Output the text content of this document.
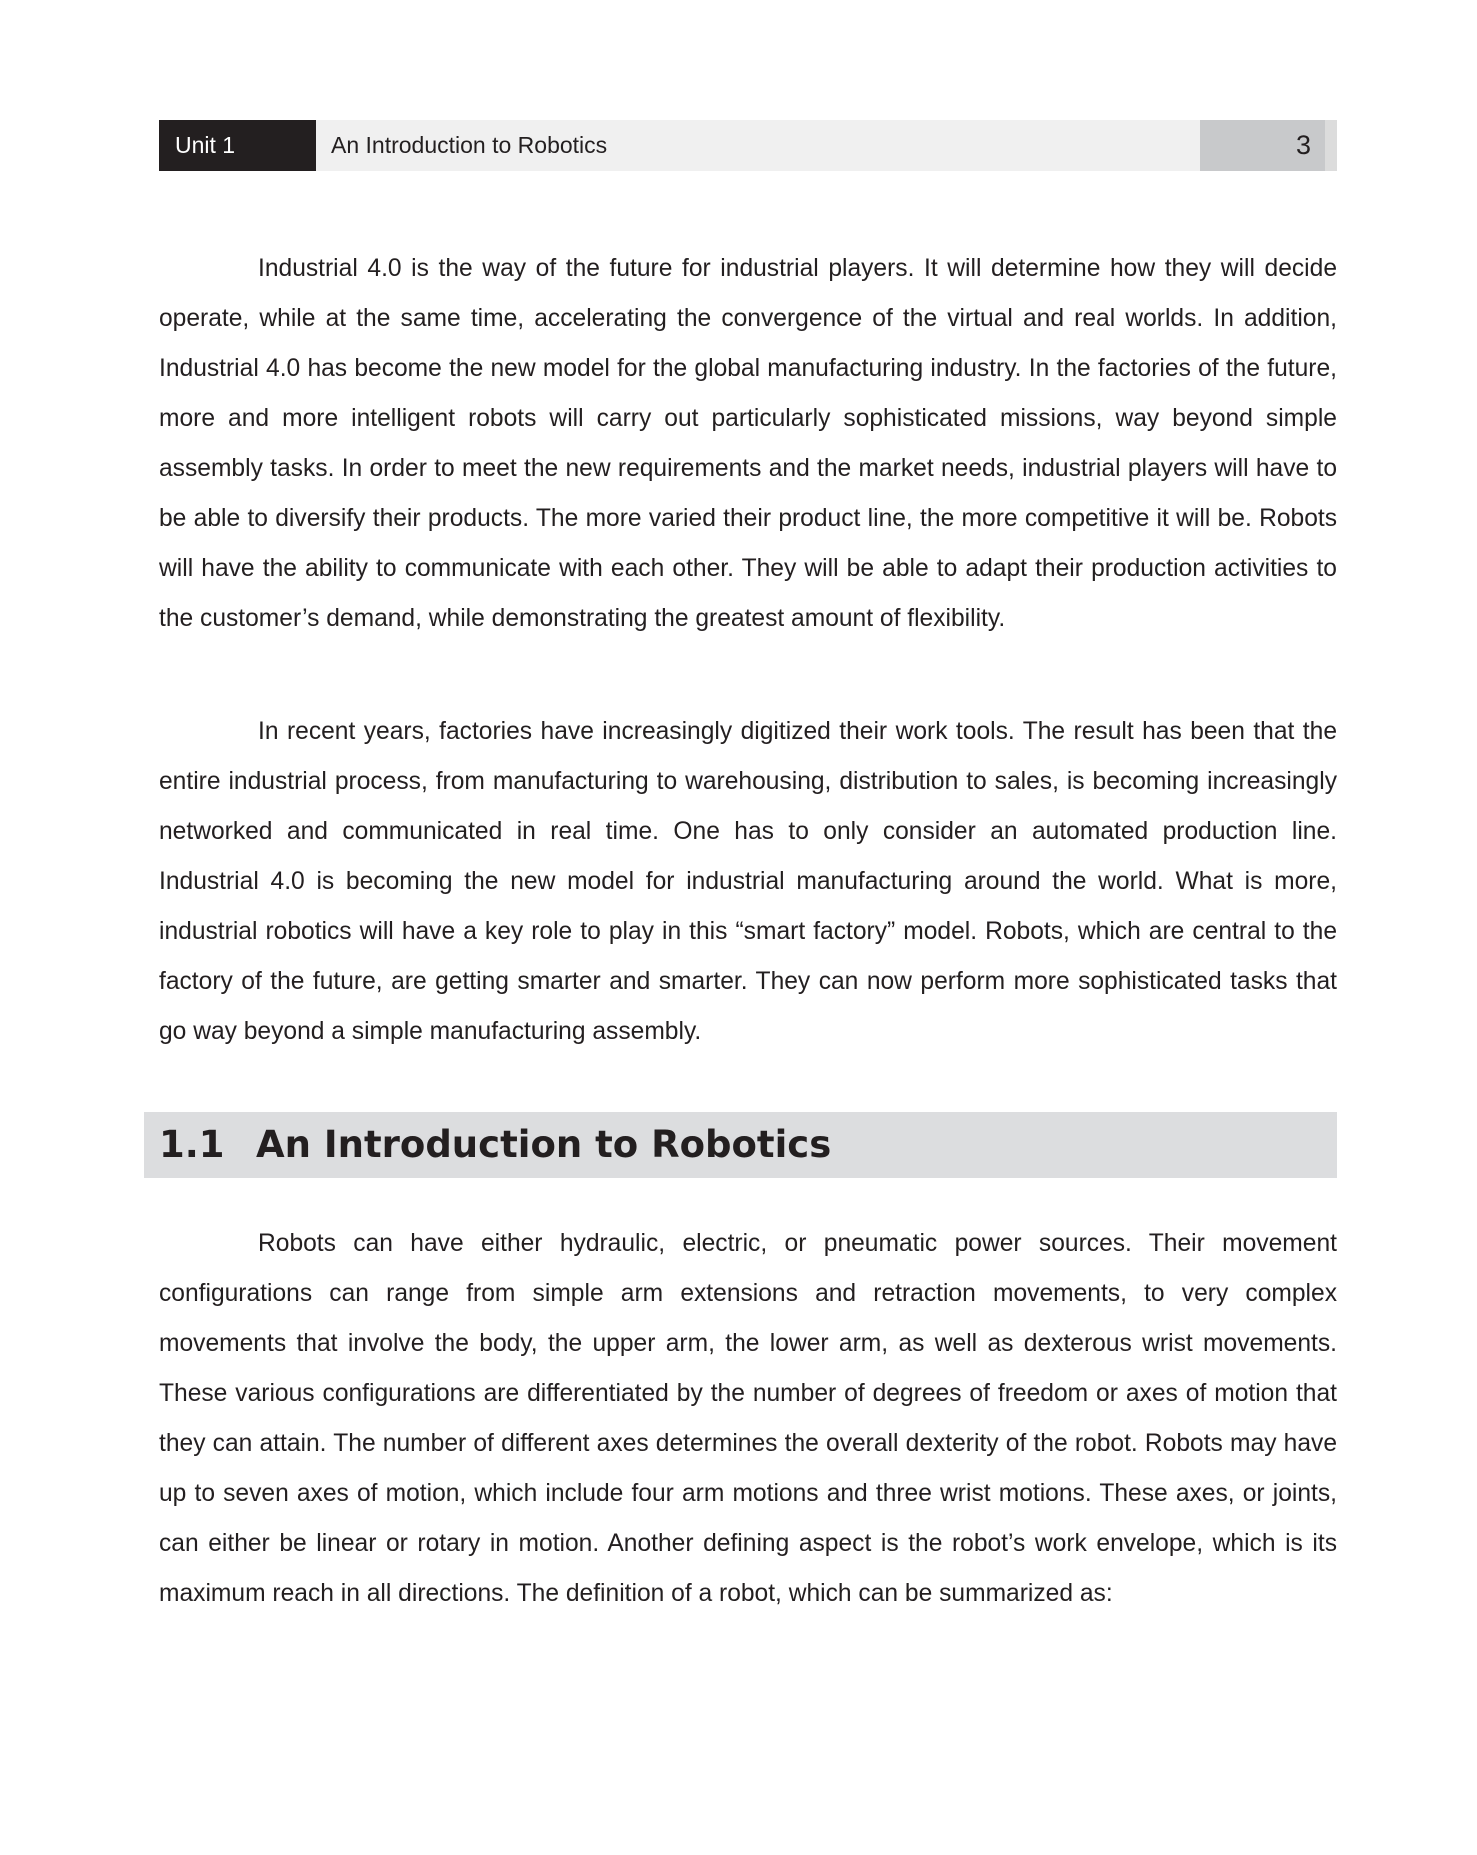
Unit 1	An Introduction to Robotics	3

Industrial 4.0 is the way of the future for industrial players. It will determine how they will decide operate, while at the same time, accelerating the convergence of the virtual and real worlds. In addition, Industrial 4.0 has become the new model for the global manufacturing industry. In the factories of the future, more and more intelligent robots will carry out particularly sophisticated missions, way beyond simple assembly tasks. In order to meet the new requirements and the market needs, industrial players will have to be able to diversify their products. The more varied their product line, the more competitive it will be. Robots will have the ability to communicate with each other. They will be able to adapt their production activities to the customer’s demand, while demonstrating the greatest amount of flexibility.

In recent years, factories have increasingly digitized their work tools. The result has been that the entire industrial process, from manufacturing to warehousing, distribution to sales, is becoming increasingly networked and communicated in real time. One has to only consider an automated production line. Industrial 4.0 is becoming the new model for industrial manufacturing around the world. What is more, industrial robotics will have a key role to play in this “smart factory” model. Robots, which are central to the factory of the future, are getting smarter and smarter. They can now perform more sophisticated tasks that go way beyond a simple manufacturing assembly.

1.1 An Introduction to Robotics

Robots can have either hydraulic, electric, or pneumatic power sources. Their movement configurations can range from simple arm extensions and retraction movements, to very complex movements that involve the body, the upper arm, the lower arm, as well as dexterous wrist movements. These various configurations are differentiated by the number of degrees of freedom or axes of motion that they can attain. The number of different axes determines the overall dexterity of the robot. Robots may have up to seven axes of motion, which include four arm motions and three wrist motions. These axes, or joints, can either be linear or rotary in motion. Another defining aspect is the robot’s work envelope, which is its maximum reach in all directions. The definition of a robot, which can be summarized as:
